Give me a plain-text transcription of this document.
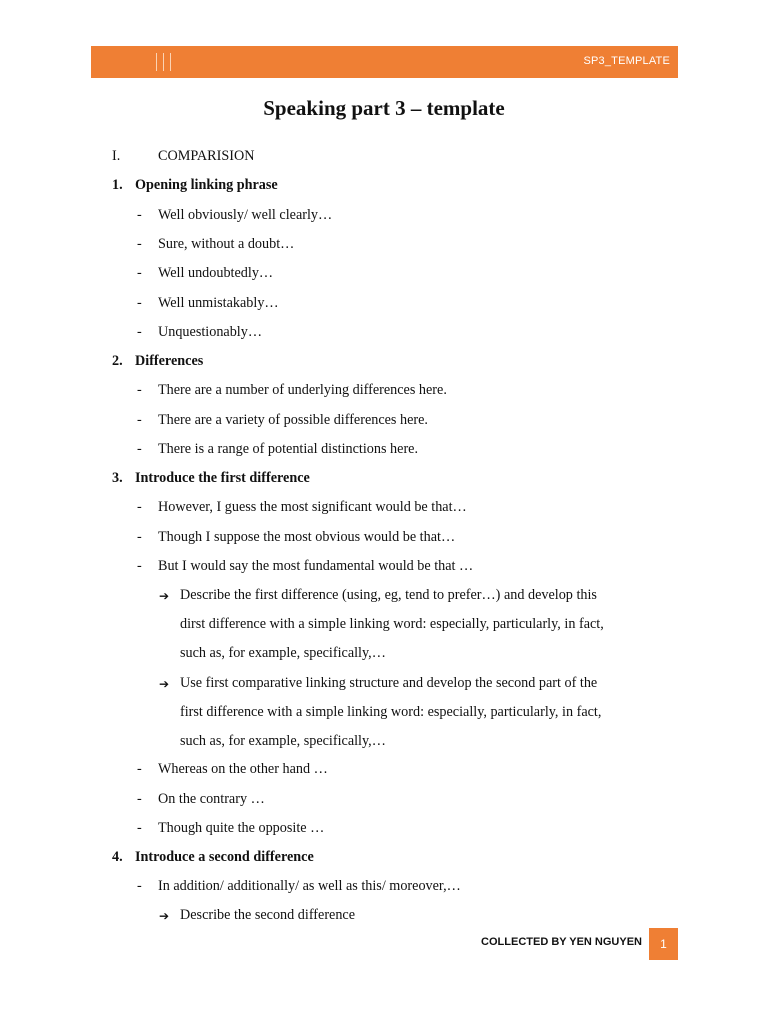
SP3_TEMPLATE
Speaking part 3 – template
I.	COMPARISION
1. Opening linking phrase
- Well obviously/ well clearly…
- Sure, without a doubt…
- Well undoubtedly…
- Well unmistakably…
- Unquestionably…
2. Differences
- There are a number of underlying differences here.
- There are a variety of possible differences here.
- There is a range of potential distinctions here.
3. Introduce the first difference
- However, I guess the most significant would be that…
- Though I suppose the most obvious would be that…
- But I would say the most fundamental would be that …
➔ Describe the first difference (using, eg, tend to prefer…) and develop this
dirst difference with a simple linking word: especially, particularly, in fact,
such as, for example, specifically,…
➔ Use first comparative linking structure and develop the second part of the
first difference with a simple linking word: especially, particularly, in fact,
such as, for example, specifically,…
- Whereas on the other hand …
- On the contrary …
- Though quite the opposite …
4. Introduce a second difference
- In addition/ additionally/ as well as this/ moreover,…
➔ Describe the second difference
COLLECTED BY YEN NGUYEN	1
